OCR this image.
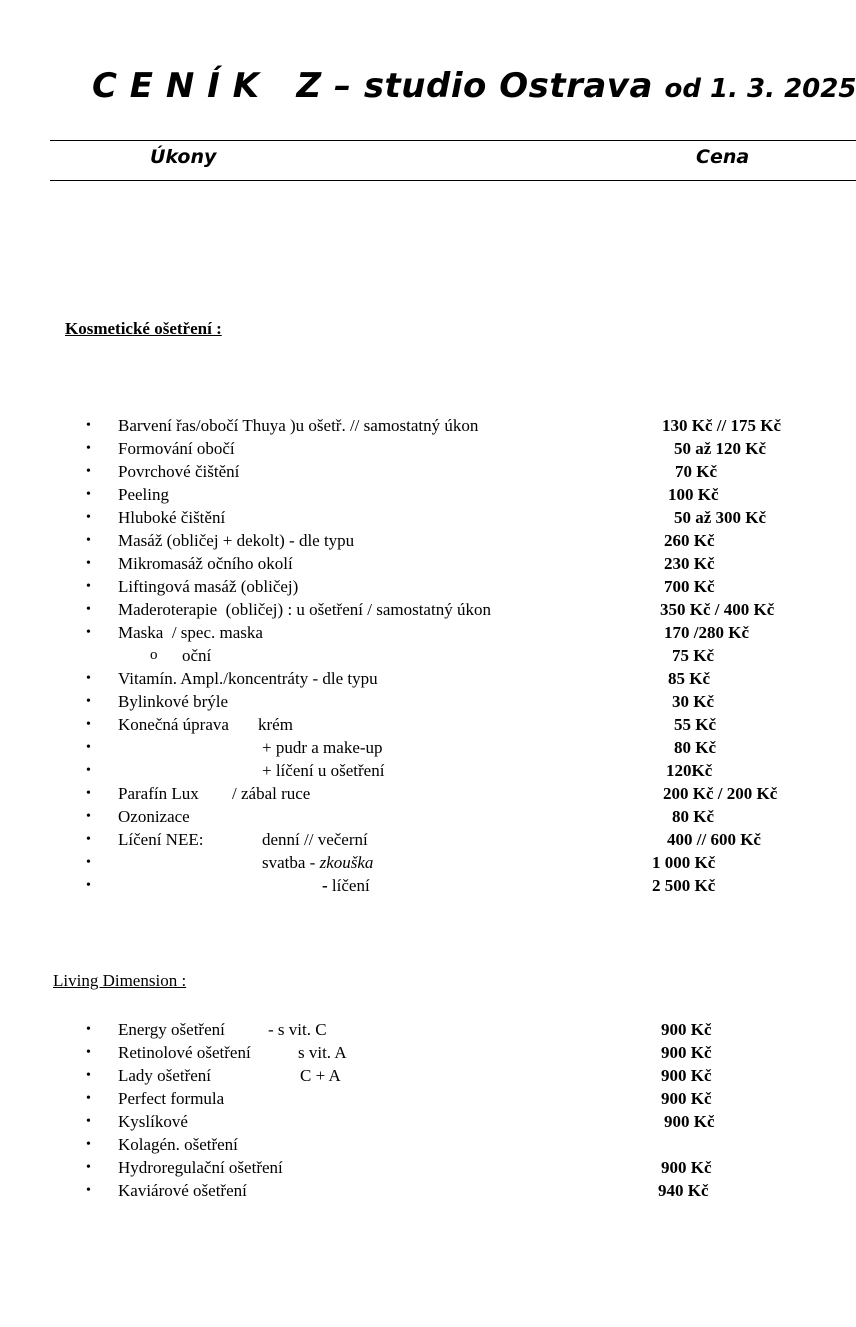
C E N Í K   Z – studio Ostrava od 1. 3. 2025
Úkony	Cena
Kosmetické ošetření :
• Barvení řas/obočí Thuya )u ošetř. // samostatný úkon	130 Kč // 175 Kč
• Formování obočí	50 až 120 Kč
• Povrchové čištění	70 Kč
• Peeling	100 Kč
• Hluboké čištění	50 až 300 Kč
• Masáž (obličej + dekolt) - dle typu	260 Kč
• Mikromasáž očního okolí	230 Kč
• Liftingová masáž (obličej)	700 Kč
• Maderoterapie  (obličej) : u ošetření / samostatný úkon	350 Kč / 400 Kč
• Maska  / spec. maska	170 /280 Kč
o oční	75 Kč
• Vitamín. Ampl./koncentráty - dle typu	85 Kč
• Bylinkové brýle	30 Kč
• Konečná úprava krém	55 Kč
•	+ pudr a make-up	80 Kč
•	+ líčení u ošetření	120Kč
• Parafín Lux / zábal ruce	200 Kč / 200 Kč
• Ozonizace	80 Kč
• Líčení NEE:	denní // večerní	400 // 600 Kč
•	svatba - zkouška	1 000 Kč
•	- líčení	2 500 Kč
Living Dimension :
• Energy ošetření	- s vit. C	900 Kč
• Retinolové ošetření	s vit. A	900 Kč
• Lady ošetření	C + A	900 Kč
• Perfect formula	900 Kč
• Kyslíkové	900 Kč
• Kolagén. ošetření
• Hydroregulační ošetření	900 Kč
• Kaviárové ošetření	940 Kč
